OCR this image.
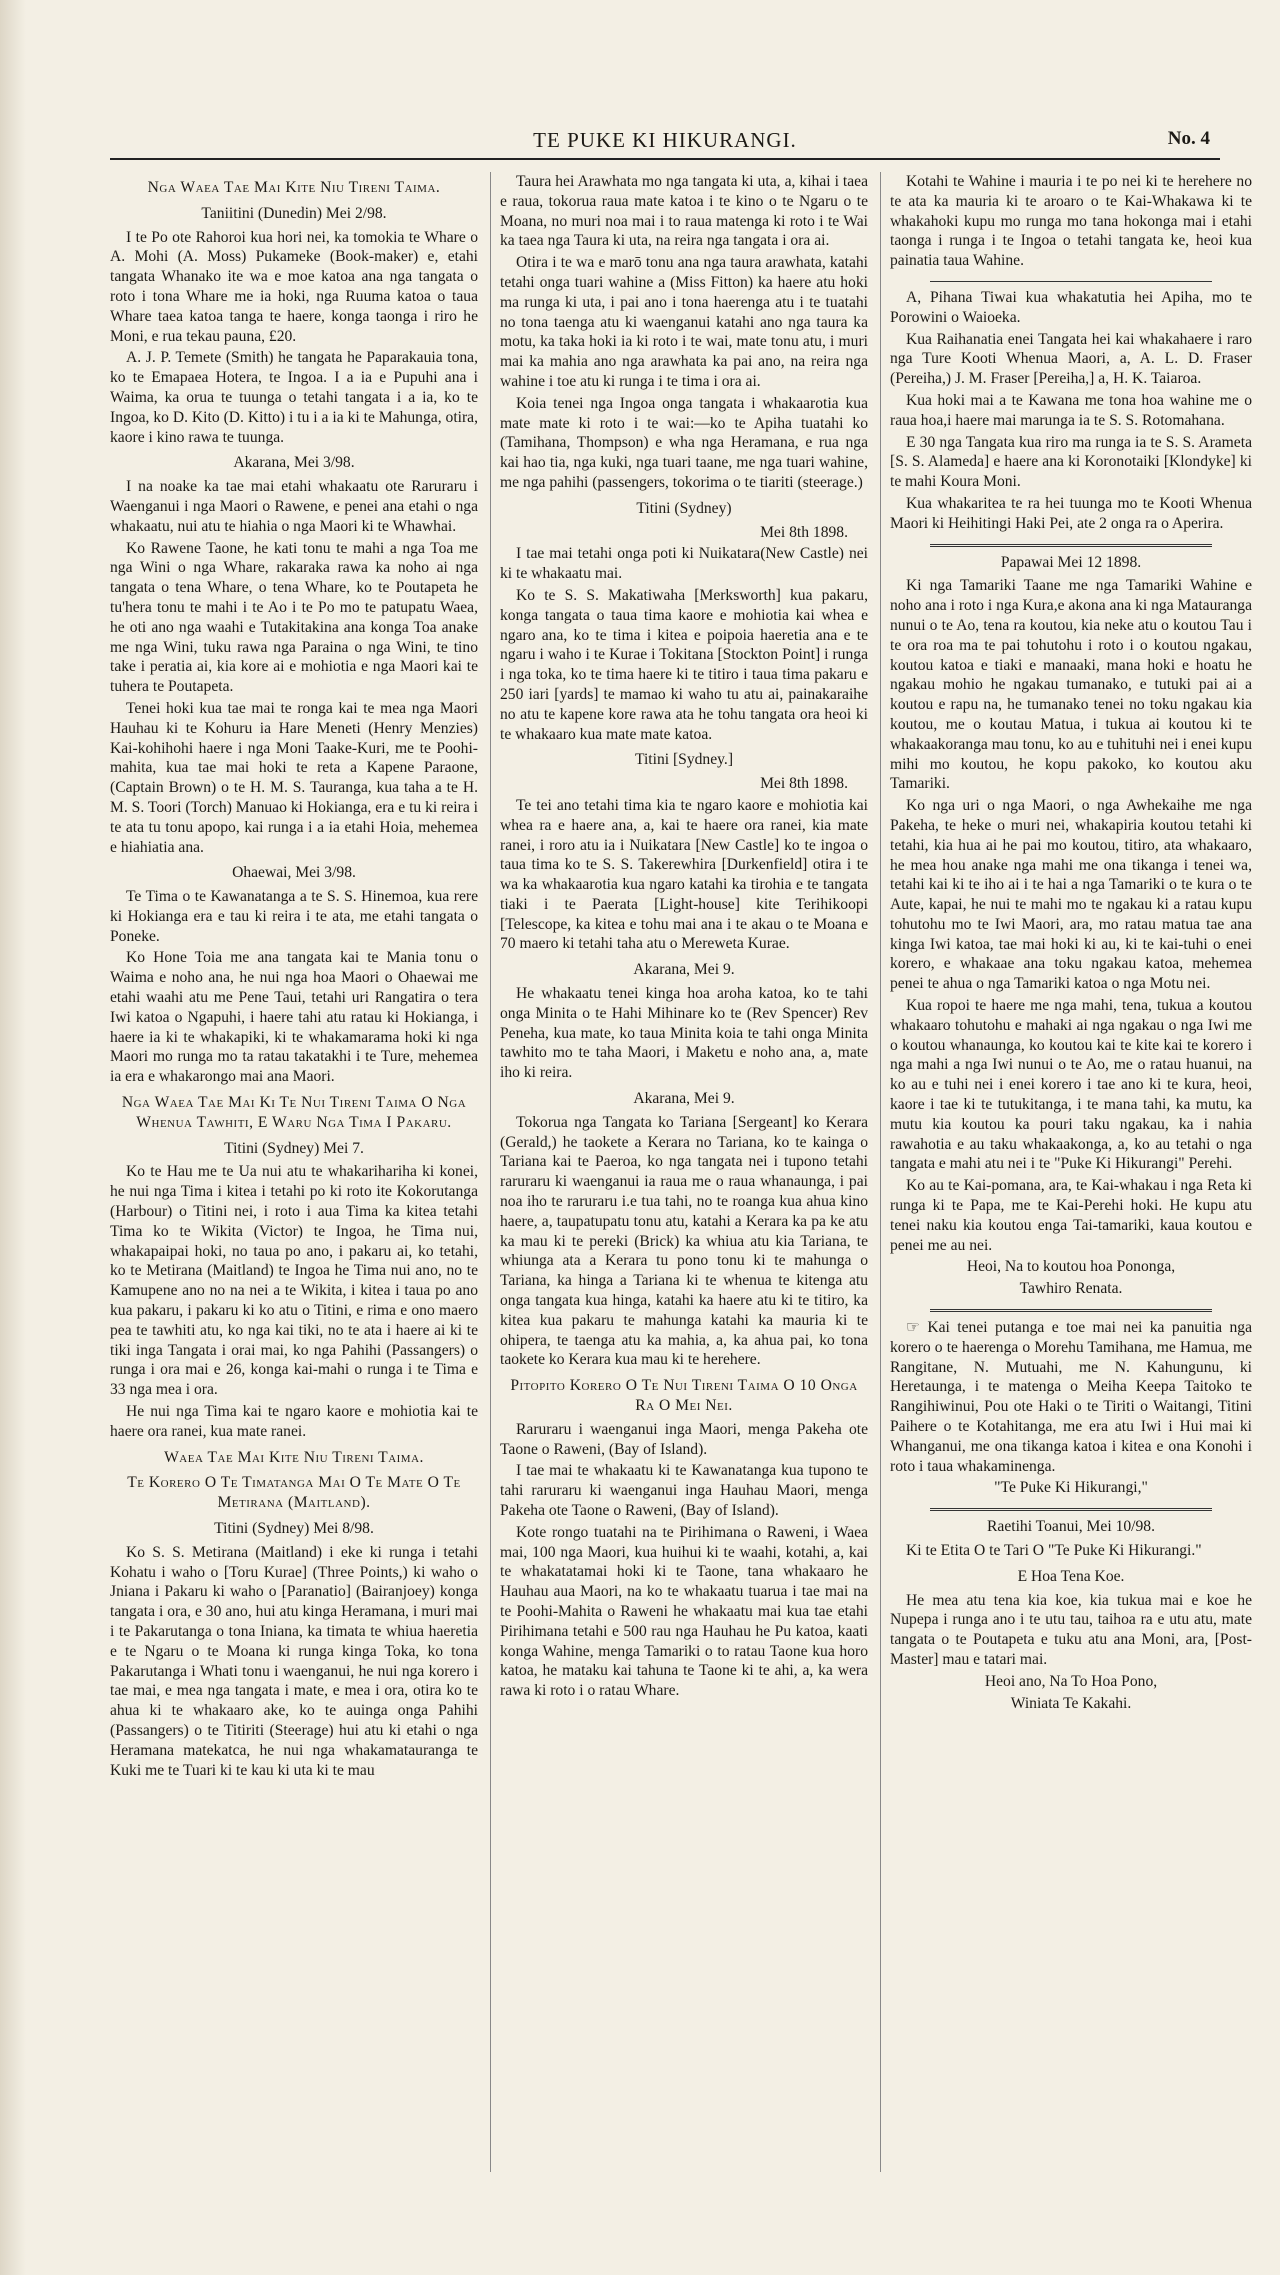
TE PUKE KI HIKURANGI.	No. 4

Nga Waea Tae Mai Kite Niu Tireni Taima.

Taniitini (Dunedin) Mei 2/98.

I te Po ote Rahoroi kua hori nei, ka tomokia te Whare o A. Mohi (A. Moss) Pukameke (Book-maker) e, etahi tangata Whanako ite wa e moe katoa ana nga tangata o roto i tona Whare me ia hoki, nga Ruuma katoa o taua Whare taea katoa tanga te haere, konga taonga i riro he Moni, e rua tekau pauna, £20.

A. J. P. Temete (Smith) he tangata he Paparakauia tona, ko te Emapaea Hotera, te Ingoa. I a ia e Pupuhi ana i Waima, ka orua te tuunga o tetahi tangata i a ia, ko te Ingoa, ko D. Kito (D. Kitto) i tu i a ia ki te Mahunga, otira, kaore i kino rawa te tuunga.

Akarana, Mei 3/98.

I na noake ka tae mai etahi whakaatu ote Raruraru i Waenganui i nga Maori o Rawene, e penei ana etahi o nga whakaatu, nui atu te hiahia o nga Maori ki te Whawhai.

Ko Rawene Taone, he kati tonu te mahi a nga Toa me nga Wini o nga Whare, rakaraka rawa ka noho ai nga tangata o tena Whare, o tena Whare, ko te Poutapeta he tu'hera tonu te mahi i te Ao i te Po mo te patupatu Waea, he oti ano nga waahi e Tutakitakina ana konga Toa anake me nga Wini, tuku rawa nga Paraina o nga Wini, te tino take i peratia ai, kia kore ai e mohiotia e nga Maori kai te tuhera te Poutapeta.

Tenei hoki kua tae mai te ronga kai te mea nga Maori Hauhau ki te Kohuru ia Hare Meneti (Henry Menzies) Kai-kohihohi haere i nga Moni Taake-Kuri, me te Poohi-mahita, kua tae mai hoki te reta a Kapene Paraone, (Captain Brown) o te H. M. S. Tauranga, kua taha a te H. M. S. Toori (Torch) Manuao ki Hokianga, era e tu ki reira i te ata tu tonu apopo, kai runga i a ia etahi Hoia, mehemea e hiahiatia ana.

Ohaewai, Mei 3/98.

Te Tima o te Kawanatanga a te S. S. Hinemoa, kua rere ki Hokianga era e tau ki reira i te ata, me etahi tangata o Poneke.

Ko Hone Toia me ana tangata kai te Mania tonu o Waima e noho ana, he nui nga hoa Maori o Ohaewai me etahi waahi atu me Pene Taui, tetahi uri Rangatira o tera Iwi katoa o Ngapuhi, i haere tahi atu ratau ki Hokianga, i haere ia ki te whakapiki, ki te whakamarama hoki ki nga Maori mo runga mo ta ratau takatakhi i te Ture, mehemea ia era e whakarongo mai ana Maori.

Nga Waea Tae Mai Ki Te Nui Tireni Taima O Nga Whenua Tawhiti, E Waru Nga Tima I Pakaru.

Titini (Sydney) Mei 7.

Ko te Hau me te Ua nui atu te whakarihariha ki konei, he nui nga Tima i kitea i tetahi po ki roto ite Kokorutanga (Harbour) o Titini nei, i roto i aua Tima ka kitea tetahi Tima ko te Wikita (Victor) te Ingoa, he Tima nui, whakapaipai hoki, no taua po ano, i pakaru ai, ko tetahi, ko te Metirana (Maitland) te Ingoa he Tima nui ano, no te Kamupene ano no na nei a te Wikita, i kitea i taua po ano kua pakaru, i pakaru ki ko atu o Titini, e rima e ono maero pea te tawhiti atu, ko nga kai tiki, no te ata i haere ai ki te tiki inga Tangata i orai mai, ko nga Pahihi (Passangers) o runga i ora mai e 26, konga kai-mahi o runga i te Tima e 33 nga mea i ora.

He nui nga Tima kai te ngaro kaore e mohiotia kai te haere ora ranei, kua mate ranei.

Waea Tae Mai Kite Niu Tireni Taima.

Te Korero O Te Timatanga Mai O Te Mate O Te Metirana (Maitland).

Titini (Sydney) Mei 8/98.

Ko S. S. Metirana (Maitland) i eke ki runga i tetahi Kohatu i waho o [Toru Kurae] (Three Points,) ki waho o Jniana i Pakaru ki waho o [Paranatio] (Bairanjoey) konga tangata i ora, e 30 ano, hui atu kinga Heramana, i muri mai i te Pakarutanga o tona Iniana, ka timata te whiua haeretia e te Ngaru o te Moana ki runga kinga Toka, ko tona Pakarutanga i Whati tonu i waenganui, he nui nga korero i tae mai, e mea nga tangata i mate, e mea i ora, otira ko te ahua ki te whakaaro ake, ko te auinga onga Pahihi (Passangers) o te Titiriti (Steerage) hui atu ki etahi o nga Heramana matekatca, he nui nga whakamataurangа te Kuki me te Tuari ki te kau ki uta ki te mau

Taura hei Arawhata mo nga tangata ki uta, a, kihai i taea e raua, tokorua raua mate katoa i te kino o te Ngaru o te Moana, no muri noa mai i to raua matenga ki roto i te Wai ka taea nga Taura ki uta, na reira nga tangata i ora ai.

Otira i te wa e marō tonu ana nga taura arawhata, katahi tetahi onga tuari wahine a (Miss Fitton) ka haere atu hoki ma runga ki uta, i pai ano i tona haerenga atu i te tuatahi no tona taenga atu ki waenganui katahi ano nga taura ka motu, ka taka hoki ia ki roto i te wai, mate tonu atu, i muri mai ka mahia ano nga arawhata ka pai ano, na reira nga wahine i toe atu ki runga i te tima i ora ai.

Koia tenei nga Ingoa onga tangata i whakaarotia kua mate mate ki roto i te wai:—ko te Apiha tuatahi ko (Tamihana, Thompson) e wha nga Heramana, e rua nga kai hao tia, nga kuki, nga tuari taane, me nga tuari wahine, me nga pahihi (passengers, tokorima o te tiariti (steerage.)

Titini (Sydney)

Mei 8th 1898.

I tae mai tetahi onga poti ki Nuikatara(New Castle) nei ki te whakaatu mai.

Ko te S. S. Makatiwaha [Merksworth] kua pakaru, konga tangata o taua tima kaore e mohiotia kai whea e ngaro ana, ko te tima i kitea e poipoia haeretia ana e te ngaru i waho i te Kurae i Tokitana [Stockton Point] i runga i nga toka, ko te tima haere ki te titiro i taua tima pakaru e 250 iari [yards] te mamao ki waho tu atu ai, painakaraihe no atu te kapene kore rawa ata he tohu tangata ora heoi ki te whakaaro kua mate mate katoa.

Titini [Sydney.]

Mei 8th 1898.

Te tei ano tetahi tima kia te ngaro kaore e mohiotia kai whea ra e haere ana, a, kai te haere ora ranei, kia mate ranei, i roro atu ia i Nuikatara [New Castle] ko te ingoa o taua tima ko te S. S. Takerewhira [Durkenfield] otira i te wa ka whakaarotia kua ngaro katahi ka tirohia e te tangata tiaki i te Paerata [Light-house] kite Terihikoopi [Telescope, ka kitea e tohu mai ana i te akau o te Moana e 70 maero ki tetahi taha atu o Mereweta Kurae.

Akarana, Mei 9.

He whakaatu tenei kinga hoa aroha katoa, ko te tahi onga Minita o te Hahi Mihinare ko te (Rev Spencer) Rev Peneha, kua mate, ko taua Minita koia te tahi onga Minita tawhito mo te taha Maori, i Maketu e noho ana, a, mate iho ki reira.

Akarana, Mei 9.

Tokorua nga Tangata ko Tariana [Sergeant] ko Kerara (Gerald,) he taokete a Kerara no Tariana, ko te kainga o Tariana kai te Paeroa, ko nga tangata nei i tupono tetahi raruraru ki waenganui ia raua me o raua whanaunga, i pai noa iho te raruraru i.e tua tahi, no te roanga kua ahua kino haere, a, taupatupatu tonu atu, katahi a Kerara ka pa ke atu ka mau ki te pereki (Brick) ka whiua atu kia Tariana, te whiunga ata a Kerara tu pono tonu ki te mahunga o Tariana, ka hinga a Tariana ki te whenua te kitenga atu onga tangata kua hinga, katahi ka haere atu ki te titiro, ka kitea kua pakaru te mahunga katahi ka mauria ki te ohipera, te taenga atu ka mahia, a, ka ahua pai, ko tona taokete ko Kerara kua mau ki te herehere.

Pitopito Korero O Te Nui Tireni Taima O 10 Onga Ra O Mei Nei.

Raruraru i waenganui inga Maori, menga Pakeha ote Taone o Raweni, (Bay of Island).

I tae mai te whakaatu ki te Kawanatanga kua tupono te tahi raruraru ki waenganui inga Hauhau Maori, menga Pakeha ote Taone o Raweni, (Bay of Island).

Kote rongo tuatahi na te Pirihimana o Raweni, i Waea mai, 100 nga Maori, kua huihui ki te waahi, kotahi, a, kai te whakatatamai hoki ki te Taone, tana whakaaro he Hauhau aua Maori, na ko te whakaatu tuarua i tae mai na te Poohi-Mahita o Raweni he whakaatu mai kua tae etahi Pirihimana tetahi e 500 rau nga Hauhau he Pu katoa, kaati konga Wahine, menga Tamariki o to ratau Taone kua horo katoa, he mataku kai tahuna te Taone ki te ahi, a, ka wera rawa ki roto i o ratau Whare.

Kotahi te Wahine i mauria i te po nei ki te herehere no te ata ka mauria ki te aroaro o te Kai-Whakawa ki te whakahoki kupu mo runga mo tana hokonga mai i etahi taonga i runga i te Ingoa o tetahi tangata ke, heoi kua painatia taua Wahine.

A, Pihana Tiwai kua whakatutia hei Apiha, mo te Porowini o Waioeka.

Kua Raihanatia enei Tangata hei kai whakahaere i raro nga Ture Kooti Whenua Maori, a, A. L. D. Fraser (Pereiha,) J. M. Fraser [Pereiha,] a, H. K. Taiaroa.

Kua hoki mai a te Kawana me tona hoa wahine me o raua hoa,i haere mai marunga ia te S. S. Rotomahana.

E 30 nga Tangata kua riro ma runga ia te S. S. Arameta [S. S. Alameda] e haere ana ki Koronotaiki [Klondyke] ki te mahi Koura Moni.

Kua whakaritea te ra hei tuunga mo te Kooti Whenua Maori ki Heihitingi Haki Pei, ate 2 onga ra o Aperira.

Papawai Mei 12 1898.

Ki nga Tamariki Taane me nga Tamariki Wahine e noho ana i roto i nga Kura,e akona ana ki nga Matauranga nunui o te Ao, tena ra koutou, kia neke atu o koutou Tau i te ora roa ma te pai tohutohu i roto i o koutou ngakau, koutou katoa e tiaki e manaaki, mana hoki e hoatu he ngakau mohio he ngakau tumanako, e tutuki pai ai a koutou e rapu na, he tumanako tenei no toku ngakau kia koutou, me o koutau Matua, i tukua ai koutou ki te whakaakoranga mau tonu, ko au e tuhituhi nei i enei kupu mihi mo koutou, he kopu pakoko, ko koutou aku Tamariki.

Ko nga uri o nga Maori, o nga Awhekaihe me nga Pakeha, te heke o muri nei, whakapiria koutou tetahi ki tetahi, kia hua ai he pai mo koutou, titiro, ata whakaaro, he mea hou anake nga mahi me ona tikanga i tenei wa, tetahi kai ki te iho ai i te hai a nga Tamariki o te kura o te Aute, kapai, he nui te mahi mo te ngakau ki a ratau kupu tohutohu mo te Iwi Maori, ara, mo ratau matua tae ana kinga Iwi katoa, tae mai hoki ki au, ki te kai-tuhi o enei korero, e whakaae ana toku ngakau katoa, mehemea penei te ahua o nga Tamariki katoa o nga Motu nei.

Kua ropoi te haere me nga mahi, tena, tukua a koutou whakaaro tohutohu e mahaki ai nga ngakau o nga Iwi me o koutou whanaunga, ko koutou kai te kite kai te korero i nga mahi a nga Iwi nunui o te Ao, me o ratau huanui, na ko au e tuhi nei i enei korero i tae ano ki te kura, heoi, kaore i tae ki te tutukitanga, i te mana tahi, ka mutu, ka mutu kia koutou ka pouri taku ngakau, ka i nahia rawahotia e au taku whakaakonga, a, ko au tetahi o nga tangata e mahi atu nei i te "Puke Ki Hikurangi" Perehi.

Ko au te Kai-pomana, ara, te Kai-whakau i nga Reta ki runga ki te Papa, me te Kai-Perehi hoki. He kupu atu tenei naku kia koutou enga Tai-tamariki, kaua koutou e penei me au nei.

Heoi, Na to koutou hoa Pononga,

Tawhiro Renata.

☞ Kai tenei putanga e toe mai nei ka panuitia nga korero o te haerenga o Morehu Tamihana, me Hamua, me Rangitane, N. Mutuahi, me N. Kahungunu, ki Heretaunga, i te matenga o Meiha Keepa Taitoko te Rangihiwinui, Pou ote Haki o te Tiriti o Waitangi, Titini Paihere o te Kotahitanga, me era atu Iwi i Hui mai ki Whanganui, me ona tikanga katoa i kitea e ona Konohi i roto i taua whakaminenga.

"Te Puke Ki Hikurangi,"

Raetihi Toanui, Mei 10/98.

Ki te Etita O te Tari O "Te Puke Ki Hikurangi."

E Hoa Tena Koe.

He mea atu tena kia koe, kia tukua mai e koe he Nupepa i runga ano i te utu tau, taihoa ra e utu atu, mate tangata o te Poutapeta e tuku atu ana Moni, ara, [Post-Master] mau e tatari mai.

Heoi ano, Na To Hoa Pono,

Winiata Te Kakahi.
